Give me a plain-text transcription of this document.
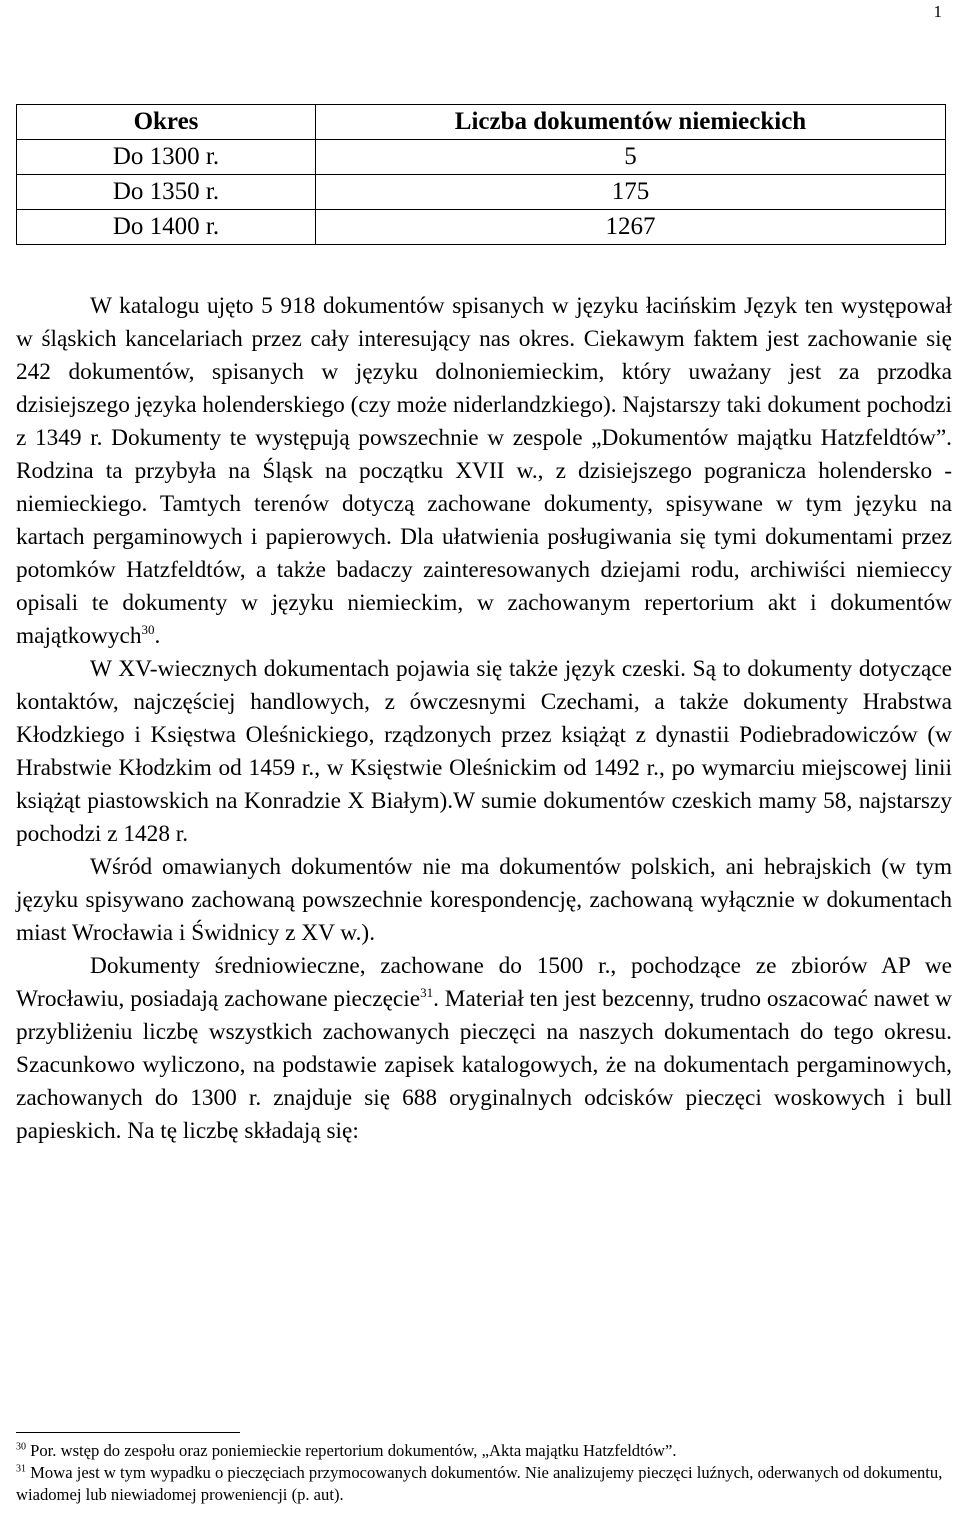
1
Okres	Liczba dokumentów niemieckich
Do 1300 r.	5
Do 1350 r.	175
Do 1400 r.	1267

W katalogu ujęto 5 918 dokumentów spisanych w języku łacińskim Język ten występował w śląskich kancelariach przez cały interesujący nas okres. Ciekawym faktem jest zachowanie się 242 dokumentów, spisanych w języku dolnoniemieckim, który uważany jest za przodka dzisiejszego języka holenderskiego (czy może niderlandzkiego). Najstarszy taki dokument pochodzi z 1349 r. Dokumenty te występują powszechnie w zespole „Dokumentów majątku Hatzfeldtów”. Rodzina ta przybyła na Śląsk na początku XVII w., z dzisiejszego pogranicza holendersko - niemieckiego. Tamtych terenów dotyczą zachowane dokumenty, spisywane w tym języku na kartach pergaminowych i papierowych. Dla ułatwienia posługiwania się tymi dokumentami przez potomków Hatzfeldtów, a także badaczy zainteresowanych dziejami rodu, archiwiści niemieccy opisali te dokumenty w języku niemieckim, w zachowanym repertorium akt i dokumentów majątkowych$^{30}$.

W XV-wiecznych dokumentach pojawia się także język czeski. Są to dokumenty dotyczące kontaktów, najczęściej handlowych, z ówczesnymi Czechami, a także dokumenty Hrabstwa Kłodzkiego i Księstwa Oleśnickiego, rządzonych przez książąt z dynastii Podiebradowiczów (w Hrabstwie Kłodzkim od 1459 r., w Księstwie Oleśnickim od 1492 r., po wymarciu miejscowej linii książąt piastowskich na Konradzie X Białym).W sumie dokumentów czeskich mamy 58, najstarszy pochodzi z 1428 r.

Wśród omawianych dokumentów nie ma dokumentów polskich, ani hebrajskich (w tym języku spisywano zachowaną powszechnie korespondencję, zachowaną wyłącznie w dokumentach miast Wrocławia i Świdnicy z XV w.).

Dokumenty średniowieczne, zachowane do 1500 r., pochodzące ze zbiorów AP we Wrocławiu, posiadają zachowane pieczęcie$^{31}$. Materiał ten jest bezcenny, trudno oszacować nawet w przybliżeniu liczbę wszystkich zachowanych pieczęci na naszych dokumentach do tego okresu. Szacunkowo wyliczono, na podstawie zapisek katalogowych, że na dokumentach pergaminowych, zachowanych do 1300 r. znajduje się 688 oryginalnych odcisków pieczęci woskowych i bull papieskich. Na tę liczbę składają się:

$^{30}$ Por. wstęp do zespołu oraz poniemieckie repertorium dokumentów, „Akta majątku Hatzfeldtów”.

$^{31}$ Mowa jest w tym wypadku o pieczęciach przymocowanych dokumentów. Nie analizujemy pieczęci luźnych, oderwanych od dokumentu, wiadomej lub niewiadomej proweniencji (p. aut).
